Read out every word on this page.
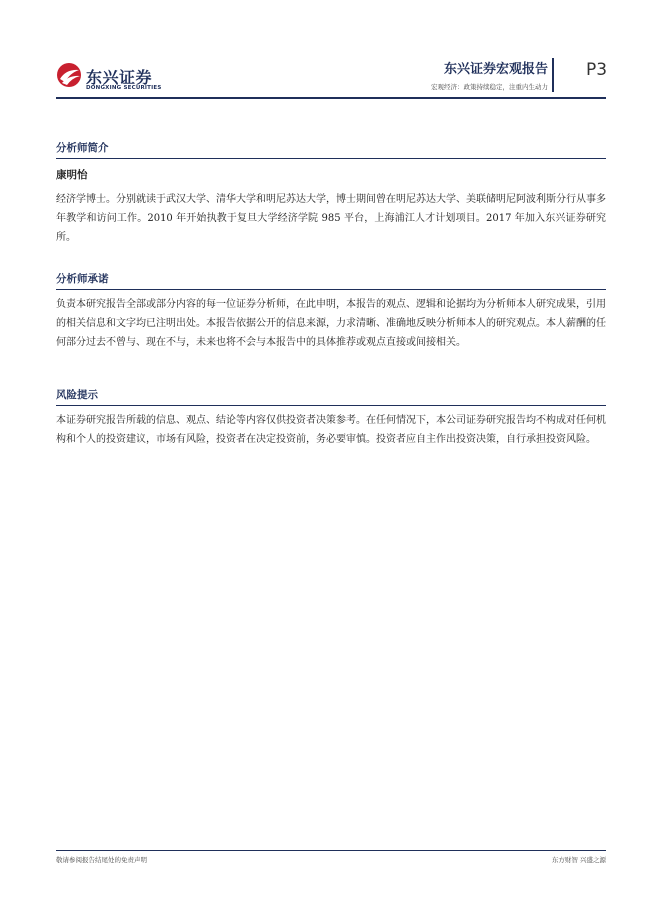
东兴证券
DONGXING SECURITIES
东兴证券宏观报告
宏观经济：政策持续稳定，注重内生动力
P3
分析师简介
康明怡

经济学博士。分别就读于武汉大学、清华大学和明尼苏达大学，博士期间曾在明尼苏达大学、美联储明尼阿波利斯分行从事多年教学和访问工作。2010 年开始执教于复旦大学经济学院 985 平台，上海浦江人才计划项目。2017 年加入东兴证券研究所。

分析师承诺

负责本研究报告全部或部分内容的每一位证券分析师，在此申明，本报告的观点、逻辑和论据均为分析师本人研究成果，引用的相关信息和文字均已注明出处。本报告依据公开的信息来源，力求清晰、准确地反映分析师本人的研究观点。本人薪酬的任何部分过去不曾与、现在不与，未来也将不会与本报告中的具体推荐或观点直接或间接相关。

风险提示

本证券研究报告所载的信息、观点、结论等内容仅供投资者决策参考。在任何情况下，本公司证券研究报告均不构成对任何机构和个人的投资建议，市场有风险，投资者在决定投资前，务必要审慎。投资者应自主作出投资决策，自行承担投资风险。

敬请参阅报告结尾处的免责声明	东方财智 兴盛之源
